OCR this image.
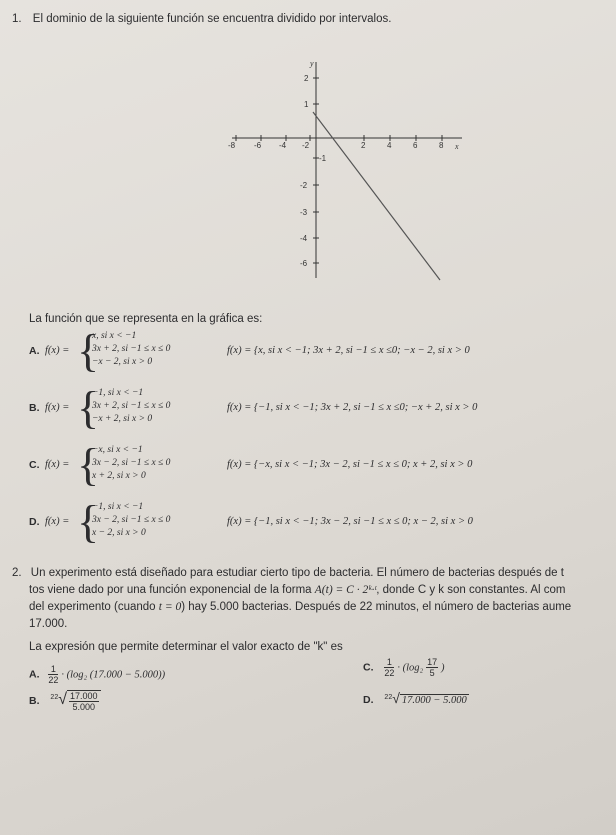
1. El dominio de la siguiente función se encuentra dividido por intervalos.
y
x
-8 -6 -4 -2	2	4	6	8
2
1
-1
-2
-3
-4
-6
La función que se representa en la gráfica es:
A. f(x) = {
x, si x < −1
3x + 2, si −1 ≤ x ≤ 0
−x − 2, si x > 0
f(x) = {x, si x < −1; 3x + 2, si −1 ≤ x ≤0; −x − 2, si x > 0
B. f(x) = {
−1, si x < −1
3x + 2, si −1 ≤ x ≤ 0
−x + 2, si x > 0
f(x) = {−1, si x < −1; 3x + 2, si −1 ≤ x ≤0; −x + 2, si x > 0
C. f(x) = {
−x, si x < −1
3x − 2, si −1 ≤ x ≤ 0
x + 2, si x > 0
f(x) = {−x, si x < −1; 3x − 2, si −1 ≤ x ≤ 0; x + 2, si x > 0
D. f(x) = {
−1, si x < −1
3x − 2, si −1 ≤ x ≤ 0
x − 2, si x > 0
f(x) = {−1, si x < −1; 3x − 2, si −1 ≤ x ≤ 0; x − 2, si x > 0
2. Un experimento está diseñado para estudiar cierto tipo de bacteria. El número de bacterias después de t
tos viene dado por una función exponencial de la forma A(t) = C · 2ᵏ·ᵗ, donde C y k son constantes. Al com
del experimento (cuando t = 0) hay 5.000 bacterias. Después de 22 minutos, el número de bacterias aume
17.000.
La expresión que permite determinar el valor exacto de "k" es
A. $\frac{1}{22} \cdot (\log_2$ (17.000 − 5.000))
C. $\frac{1}{22} \cdot (\log_2 \frac{17}{5}$ )
B. $^{22}√ \frac{17.000}{5.000}$	D. $^{22}$√ 17.000 − 5.000
